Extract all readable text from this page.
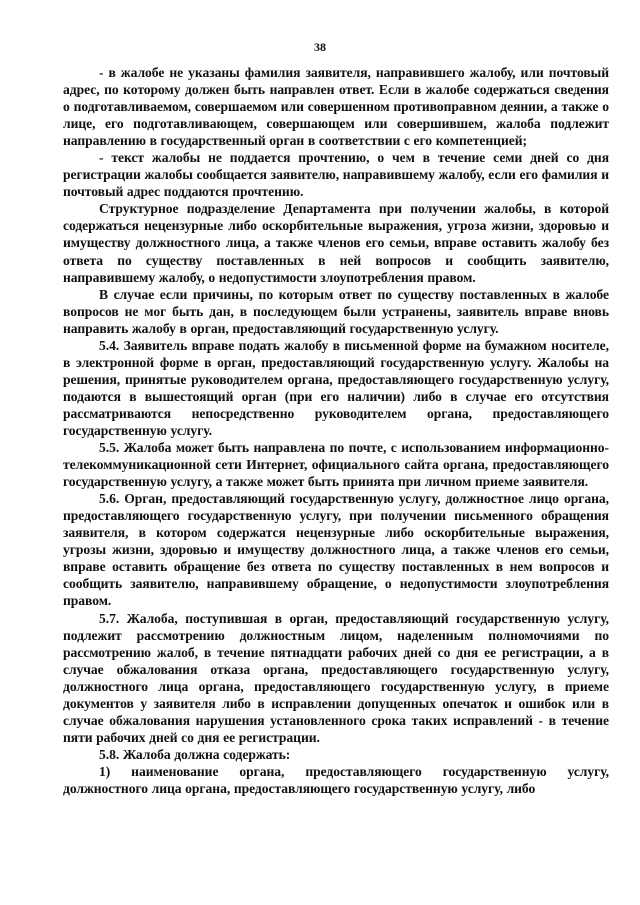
38

- в жалобе не указаны фамилия заявителя, направившего жалобу, или почтовый адрес, по которому должен быть направлен ответ. Если в жалобе содержаться сведения о подготавливаемом, совершаемом или совершенном противоправном деянии, а также о лице, его подготавливающем, совершающем или совершившем, жалоба подлежит направлению в государственный орган в соответствии с его компетенцией;

- текст жалобы не поддается прочтению, о чем в течение семи дней со дня регистрации жалобы сообщается заявителю, направившему жалобу, если его фамилия и почтовый адрес поддаются прочтению.

Структурное подразделение Департамента при получении жалобы, в которой содержаться нецензурные либо оскорбительные выражения, угроза жизни, здоровью и имуществу должностного лица, а также членов его семьи, вправе оставить жалобу без ответа по существу поставленных в ней вопросов и сообщить заявителю, направившему жалобу, о недопустимости злоупотребления правом.

В случае если причины, по которым ответ по существу поставленных в жалобе вопросов не мог быть дан, в последующем были устранены, заявитель вправе вновь направить жалобу в орган, предоставляющий государственную услугу.

5.4. Заявитель вправе подать жалобу в письменной форме на бумажном носителе, в электронной форме в орган, предоставляющий государственную услугу. Жалобы на решения, принятые руководителем органа, предоставляющего государственную услугу, подаются в вышестоящий орган (при его наличии) либо в случае его отсутствия рассматриваются непосредственно руководителем органа, предоставляющего государственную услугу.

5.5. Жалоба может быть направлена по почте, с использованием информационно-телекоммуникационной сети Интернет, официального сайта органа, предоставляющего государственную услугу, а также может быть принята при личном приеме заявителя.

5.6. Орган, предоставляющий государственную услугу, должностное лицо органа, предоставляющего государственную услугу, при получении письменного обращения заявителя, в котором содержатся нецензурные либо оскорбительные выражения, угрозы жизни, здоровью и имуществу должностного лица, а также членов его семьи, вправе оставить обращение без ответа по существу поставленных в нем вопросов и сообщить заявителю, направившему обращение, о недопустимости злоупотребления правом.

5.7. Жалоба, поступившая в орган, предоставляющий государственную услугу, подлежит рассмотрению должностным лицом, наделенным полномочиями по рассмотрению жалоб, в течение пятнадцати рабочих дней со дня ее регистрации, а в случае обжалования отказа органа, предоставляющего государственную услугу, должностного лица органа, предоставляющего государственную услугу, в приеме документов у заявителя либо в исправлении допущенных опечаток и ошибок или в случае обжалования нарушения установленного срока таких исправлений - в течение пяти рабочих дней со дня ее регистрации.

5.8. Жалоба должна содержать:

1) наименование органа, предоставляющего государственную услугу, должностного лица органа, предоставляющего государственную услугу, либо
